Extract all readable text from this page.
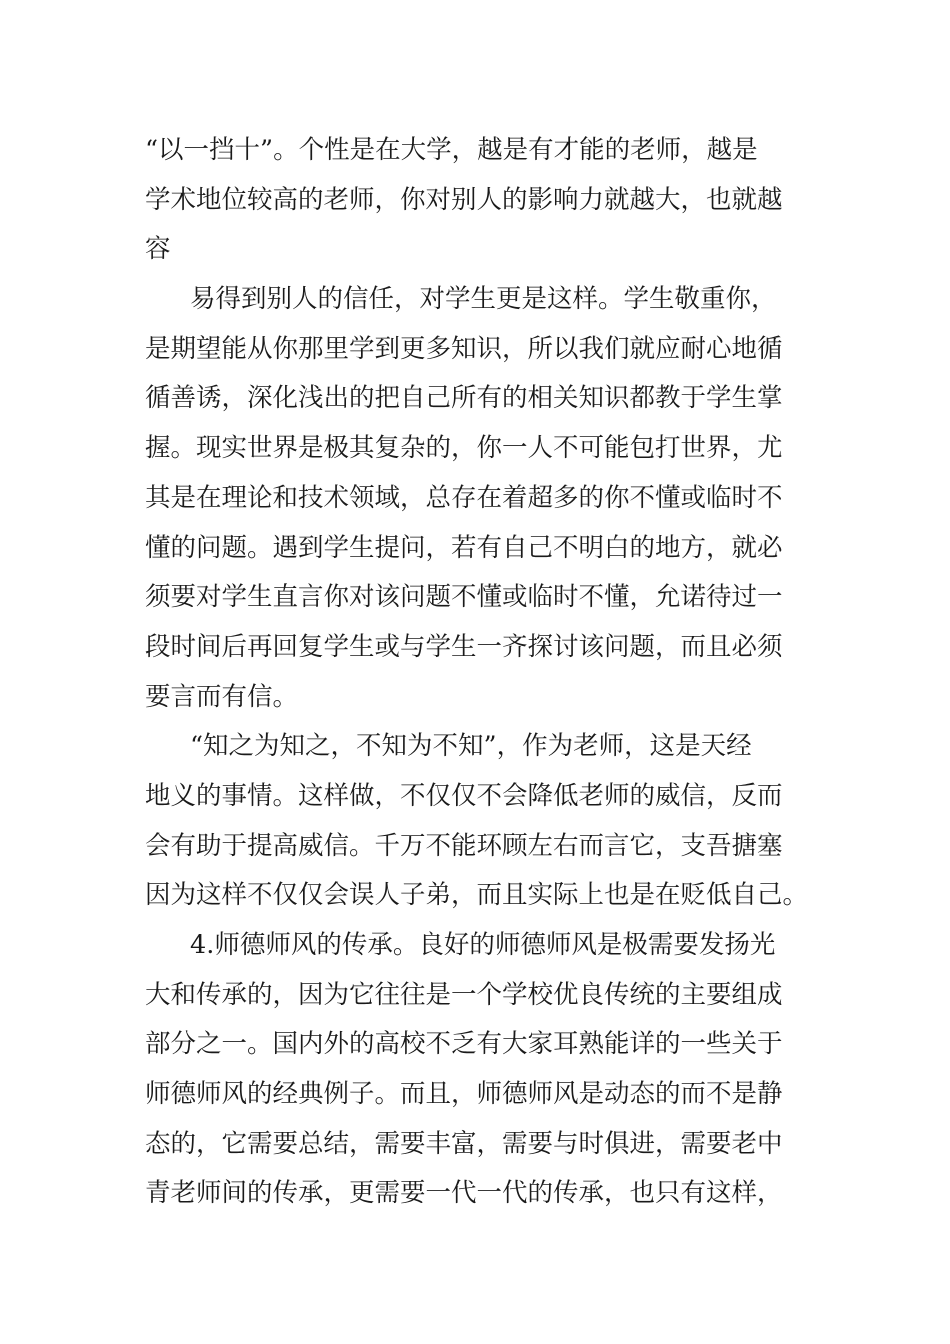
“以一挡十”。个性是在大学，越是有才能的老师，越是
学术地位较高的老师，你对别人的影响力就越大，也就越
容
易得到别人的信任，对学生更是这样。学生敬重你，
是期望能从你那里学到更多知识，所以我们就应耐心地循
循善诱，深化浅出的把自己所有的相关知识都教于学生掌
握。现实世界是极其复杂的，你一人不可能包打世界，尤
其是在理论和技术领域，总存在着超多的你不懂或临时不
懂的问题。遇到学生提问，若有自己不明白的地方，就必
须要对学生直言你对该问题不懂或临时不懂，允诺待过一
段时间后再回复学生或与学生一齐探讨该问题，而且必须
要言而有信。
“知之为知之，不知为不知”，作为老师，这是天经
地义的事情。这样做，不仅仅不会降低老师的威信，反而
会有助于提高威信。千万不能环顾左右而言它，支吾搪塞
因为这样不仅仅会误人子弟，而且实际上也是在贬低自己。
4.师德师风的传承。良好的师德师风是极需要发扬光
大和传承的，因为它往往是一个学校优良传统的主要组成
部分之一。国内外的高校不乏有大家耳熟能详的一些关于
师德师风的经典例子。而且，师德师风是动态的而不是静
态的，它需要总结，需要丰富，需要与时俱进，需要老中
青老师间的传承，更需要一代一代的传承，也只有这样，
